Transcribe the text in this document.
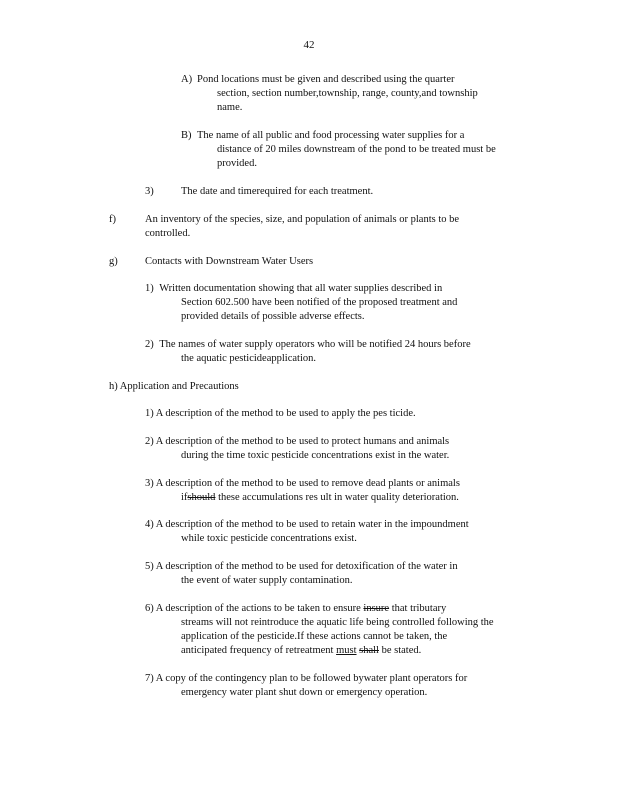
42
A) Pond locations must be given and described using the quarter
section, section number,township, range, county,and township
name.
B) The name of all public and food processing water supplies for a
distance of 20 miles downstream of the pond to be treated must be
provided.
3)	The date and timerequired for each treatment.
f)	An inventory of the species, size, and population of animals or plants to be
controlled.
g)	Contacts with Downstream Water Users
1) Written documentation showing that all water supplies described in
Section 602.500 have been notified of the proposed treatment and
provided details of possible adverse effects.
2) The names of water supply operators who will be notified 24 hours before
the aquatic pesticideapplication.
h) Application and Precautions
1) A description of the method to be used to apply the pes ticide.
2) A description of the method to be used to protect humans and animals
during the time toxic pesticide concentrations exist in the water.
3) A description of the method to be used to remove dead plants or animals
ifshould these accumulations res ult in water quality deterioration.
4) A description of the method to be used to retain water in the impoundment
while toxic pesticide concentrations exist.
5) A description of the method to be used for detoxification of the water in
the event of water supply contamination.
6) A description of the actions to be taken to ensure insure that tributary
streams will not reintroduce the aquatic life being controlled following the
application of the pesticide.If these actions cannot be taken, the
anticipated frequency of retreatment must shall be stated.
7) A copy of the contingency plan to be followed bywater plant operators for
emergency water plant shut down or emergency operation.
